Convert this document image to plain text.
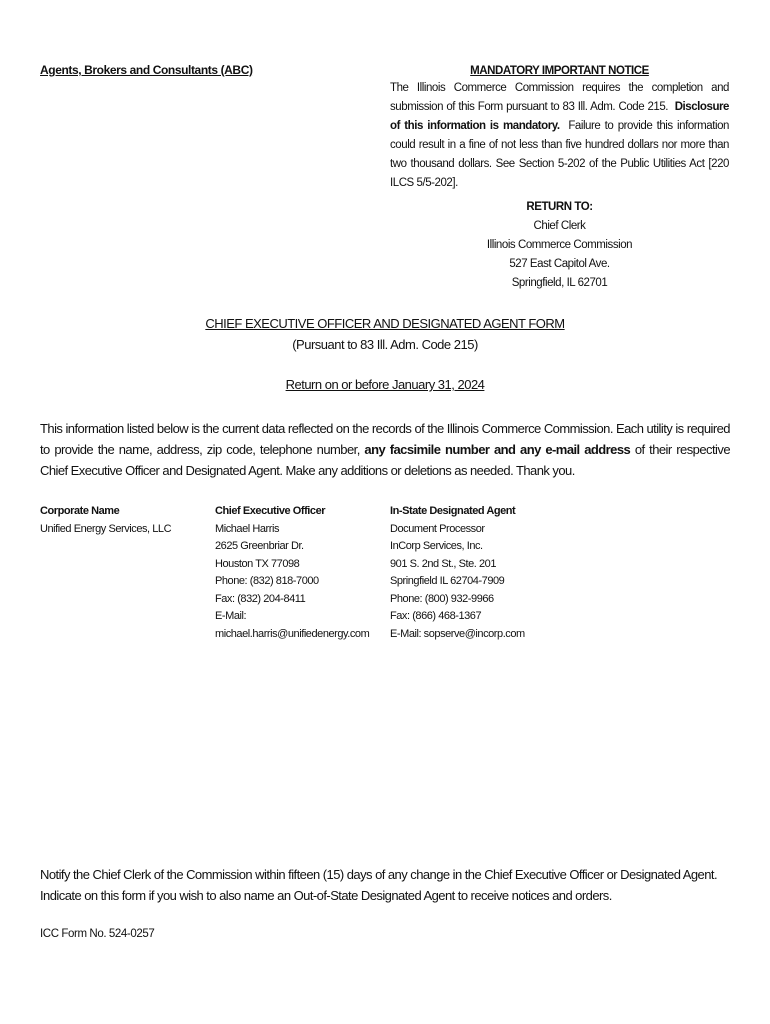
Agents, Brokers and Consultants (ABC)	MANDATORY IMPORTANT NOTICE
The Illinois Commerce Commission requires the completion and submission of this Form pursuant to 83 Ill. Adm. Code 215. Disclosure of this information is mandatory. Failure to provide this information could result in a fine of not less than five hundred dollars nor more than two thousand dollars. See Section 5-202 of the Public Utilities Act [220 ILCS 5/5-202].
RETURN TO:
Chief Clerk
Illinois Commerce Commission
527 East Capitol Ave.
Springfield, IL 62701
CHIEF EXECUTIVE OFFICER AND DESIGNATED AGENT FORM
(Pursuant to 83 Ill. Adm. Code 215)
Return on or before January 31, 2024
This information listed below is the current data reflected on the records of the Illinois Commerce Commission. Each utility is required to provide the name, address, zip code, telephone number, any facsimile number and any e-mail address of their respective Chief Executive Officer and Designated Agent. Make any additions or deletions as needed. Thank you.
Corporate Name
Unified Energy Services, LLC
Chief Executive Officer
Michael Harris
2625 Greenbriar Dr.
Houston TX 77098
Phone: (832) 818-7000
Fax: (832) 204-8411
E-Mail: michael.harris@unifiedenergy.com
In-State Designated Agent
Document Processor
InCorp Services, Inc.
901 S. 2nd St., Ste. 201
Springfield IL 62704-7909
Phone: (800) 932-9966
Fax: (866) 468-1367
E-Mail: sopserve@incorp.com
Notify the Chief Clerk of the Commission within fifteen (15) days of any change in the Chief Executive Officer or Designated Agent.
Indicate on this form if you wish to also name an Out-of-State Designated Agent to receive notices and orders.
ICC Form No. 524-0257
